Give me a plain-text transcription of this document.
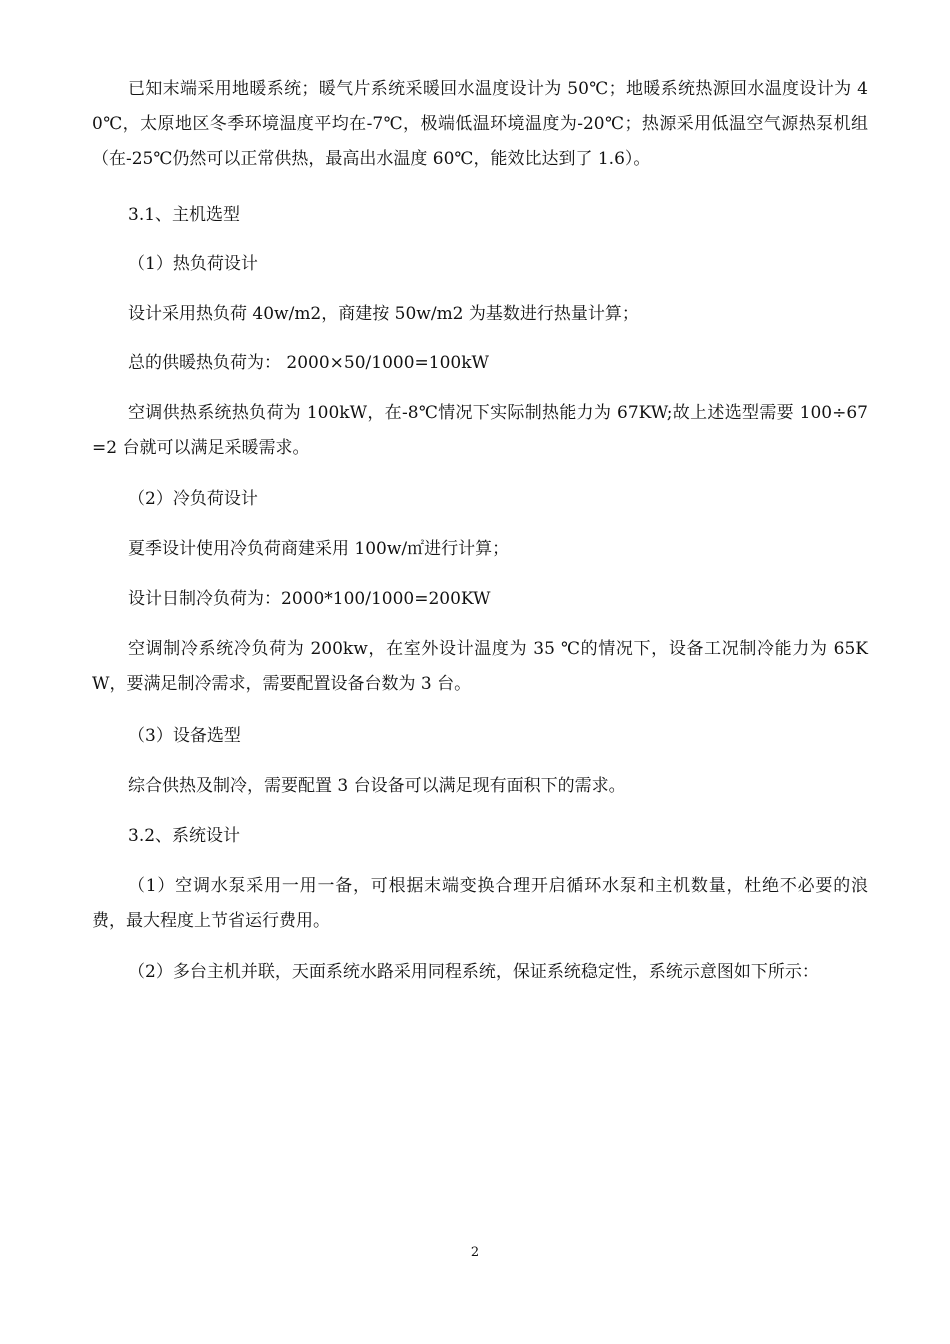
已知末端采用地暖系统；暖气片系统采暖回水温度设计为 50℃；地暖系统热源回水温度设计为 40℃，太原地区冬季环境温度平均在-7℃，极端低温环境温度为-20℃；热源采用低温空气源热泵机组（在-25℃仍然可以正常供热，最高出水温度 60℃，能效比达到了 1.6）。

3.1、主机选型

（1）热负荷设计

设计采用热负荷 40w/m2，商建按 50w/m2 为基数进行热量计算；

总的供暖热负荷为： 2000×50/1000=100kW

空调供热系统热负荷为 100kW，在-8℃情况下实际制热能力为 67KW;故上述选型需要 100÷67=2 台就可以满足采暖需求。

（2）冷负荷设计

夏季设计使用冷负荷商建采用 100w/㎡进行计算；

设计日制冷负荷为：2000*100/1000=200KW

空调制冷系统冷负荷为 200kw，在室外设计温度为 35 ℃的情况下，设备工况制冷能力为 65KW，要满足制冷需求，需要配置设备台数为 3 台。

（3）设备选型

综合供热及制冷，需要配置 3 台设备可以满足现有面积下的需求。

3.2、系统设计

（1）空调水泵采用一用一备，可根据末端变换合理开启循环水泵和主机数量，杜绝不必要的浪费，最大程度上节省运行费用。

（2）多台主机并联，天面系统水路采用同程系统，保证系统稳定性，系统示意图如下所示：

2
